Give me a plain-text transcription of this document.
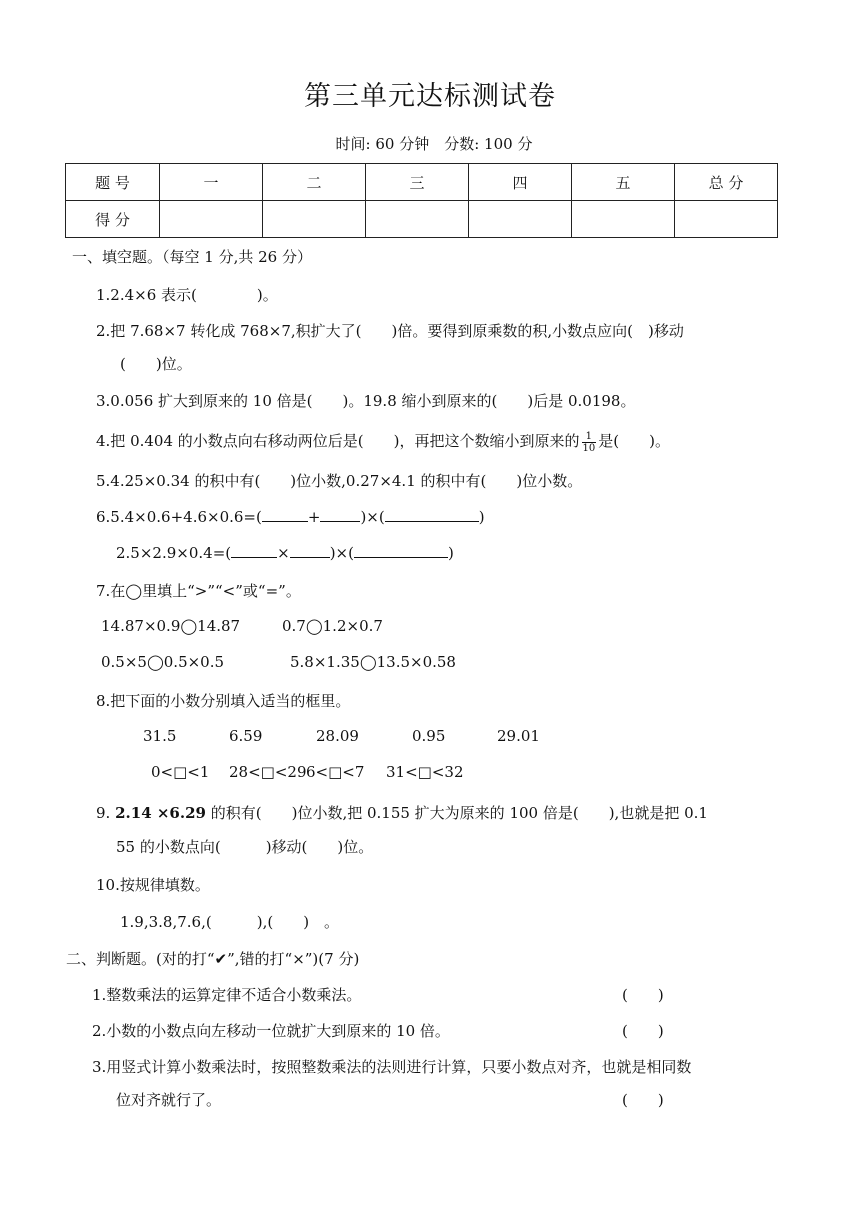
第三单元达标测试卷
时间: 60 分钟　分数: 100 分
题 号	一	二	三	四	五	总 分
得 分						
一、填空题。（每空 1 分,共 26 分）
1.2.4×6 表示(　　　　)。
2.把 7.68×7 转化成 768×7,积扩大了(　　)倍。要得到原乘数的积,小数点应向(　)移动
(　　)位。
3.0.056 扩大到原来的 10 倍是(　　)。19.8 缩小到原来的(　　)后是 0.0198。
4.把 0.404 的小数点向右移动两位后是(　　)，再把这个数缩小到原来的 $\frac{1}{10}$ 是(　　)。
5.4.25×0.34 的积中有(　　)位小数,0.27×4.1 的积中有(　　)位小数。
6.5.4×0.6+4.6×0.6=(	+	)×(	)
2.5×2.9×0.4=(	×	)×(	)
7.在◯里填上“>”“<”或“=”。
14.87×0.9◯14.87	0.7◯1.2×0.7
0.5×5◯0.5×0.5	5.8×1.35◯13.5×0.58
8.把下面的小数分别填入适当的框里。
31.5	6.59	28.09	0.95	29.01
0<□<1 28<□<29 6<□<7 31<□<32
9. 2.14 ×6.29 的积有(　　)位小数,把 0.155 扩大为原来的 100 倍是(　　),也就是把 0.1
55 的小数点向(　　　)移动(　　)位。
10.按规律填数。
1.9,3.8,7.6,(　　　),(　　)　。
二、判断题。(对的打“✔”,错的打“×”)(7 分)
1.整数乘法的运算定律不适合小数乘法。	(　　)
2.小数的小数点向左移动一位就扩大到原来的 10 倍。	(　　)
3.用竖式计算小数乘法时，按照整数乘法的法则进行计算，只要小数点对齐，也就是相同数
位对齐就行了。	(　　)
